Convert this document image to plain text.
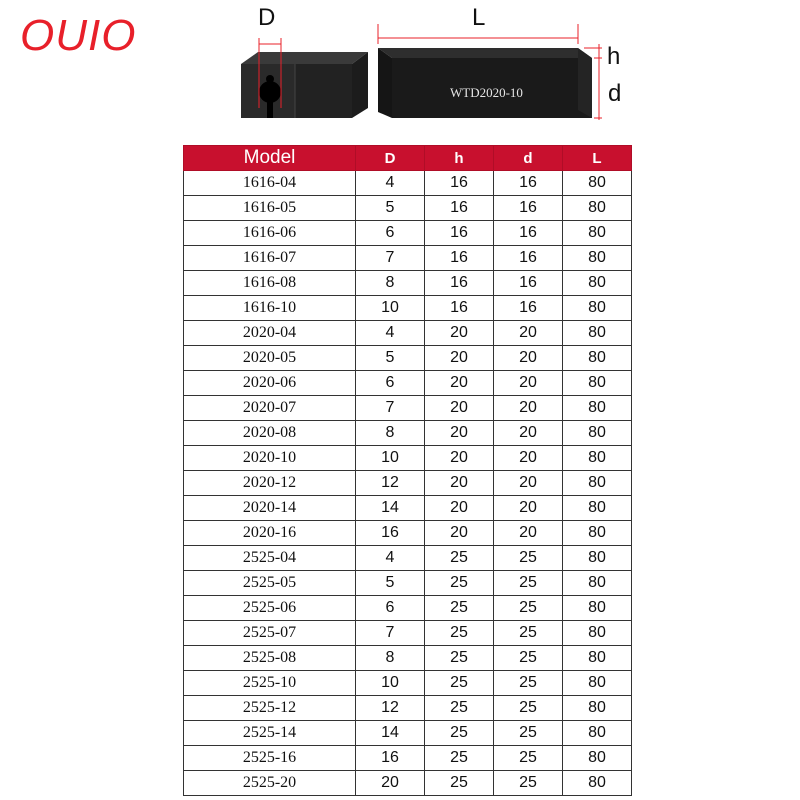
OUIO	D
WTD2020-10
L
h
d
Model	D	h	d	L
1616-04	4	16	16	80
1616-05	5	16	16	80
1616-06	6	16	16	80
1616-07	7	16	16	80
1616-08	8	16	16	80
1616-10	10	16	16	80
2020-04	4	20	20	80
2020-05	5	20	20	80
2020-06	6	20	20	80
2020-07	7	20	20	80
2020-08	8	20	20	80
2020-10	10	20	20	80
2020-12	12	20	20	80
2020-14	14	20	20	80
2020-16	16	20	20	80
2525-04	4	25	25	80
2525-05	5	25	25	80
2525-06	6	25	25	80
2525-07	7	25	25	80
2525-08	8	25	25	80
2525-10	10	25	25	80
2525-12	12	25	25	80
2525-14	14	25	25	80
2525-16	16	25	25	80
2525-20	20	25	25	80
